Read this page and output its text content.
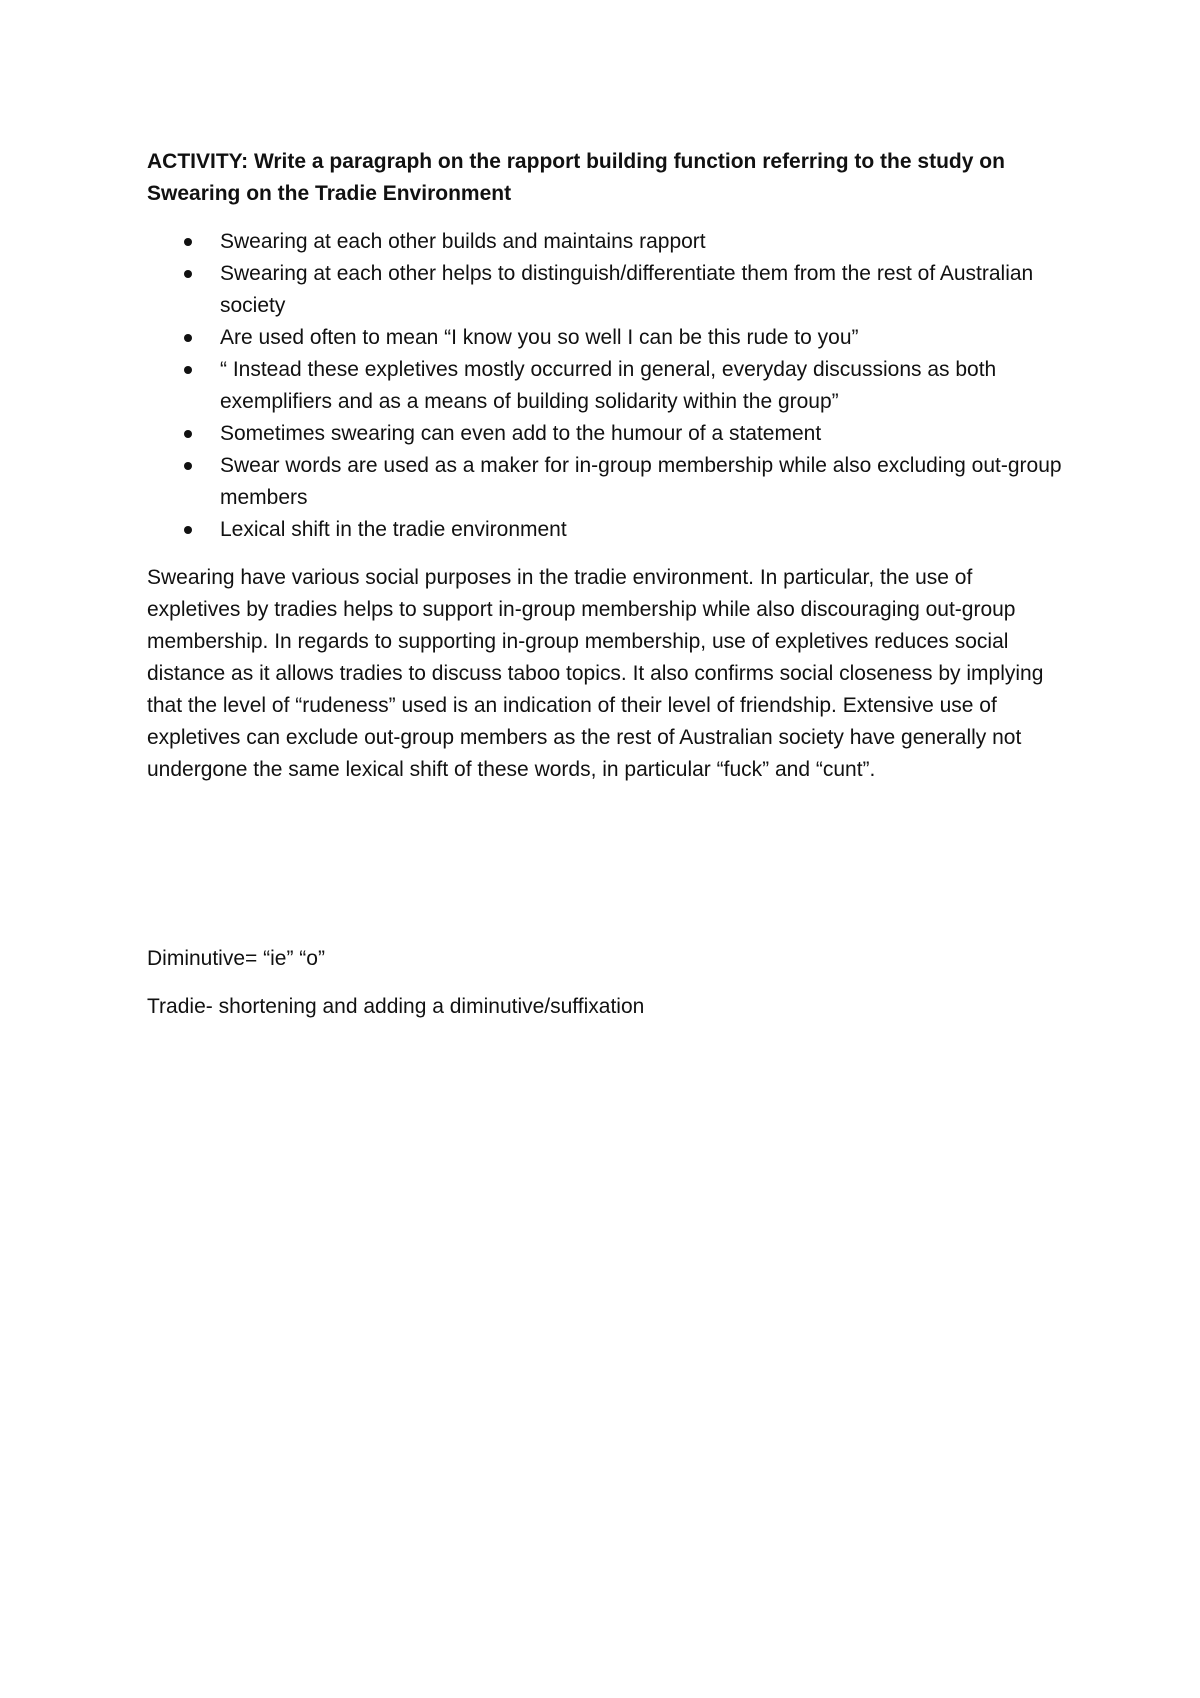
ACTIVITY: Write a paragraph on the rapport building function referring to the study on Swearing on the Tradie Environment

Swearing at each other builds and maintains rapport
Swearing at each other helps to distinguish/differentiate them from the rest of Australian society
Are used often to mean “I know you so well I can be this rude to you”
“ Instead these expletives mostly occurred in general, everyday discussions as both exemplifiers and as a means of building solidarity within the group”
Sometimes swearing can even add to the humour of a statement
Swear words are used as a maker for in-group membership while also excluding out-group members
Lexical shift in the tradie environment

Swearing have various social purposes in the tradie environment. In particular, the use of expletives by tradies helps to support in-group membership while also discouraging out-group membership. In regards to supporting in-group membership, use of expletives reduces social distance as it allows tradies to discuss taboo topics. It also confirms social closeness by implying that the level of “rudeness” used is an indication of their level of friendship. Extensive use of expletives can exclude out-group members as the rest of Australian society have generally not undergone the same lexical shift of these words, in particular “fuck” and “cunt”.

Diminutive= “ie” “o”

Tradie- shortening and adding a diminutive/suffixation
